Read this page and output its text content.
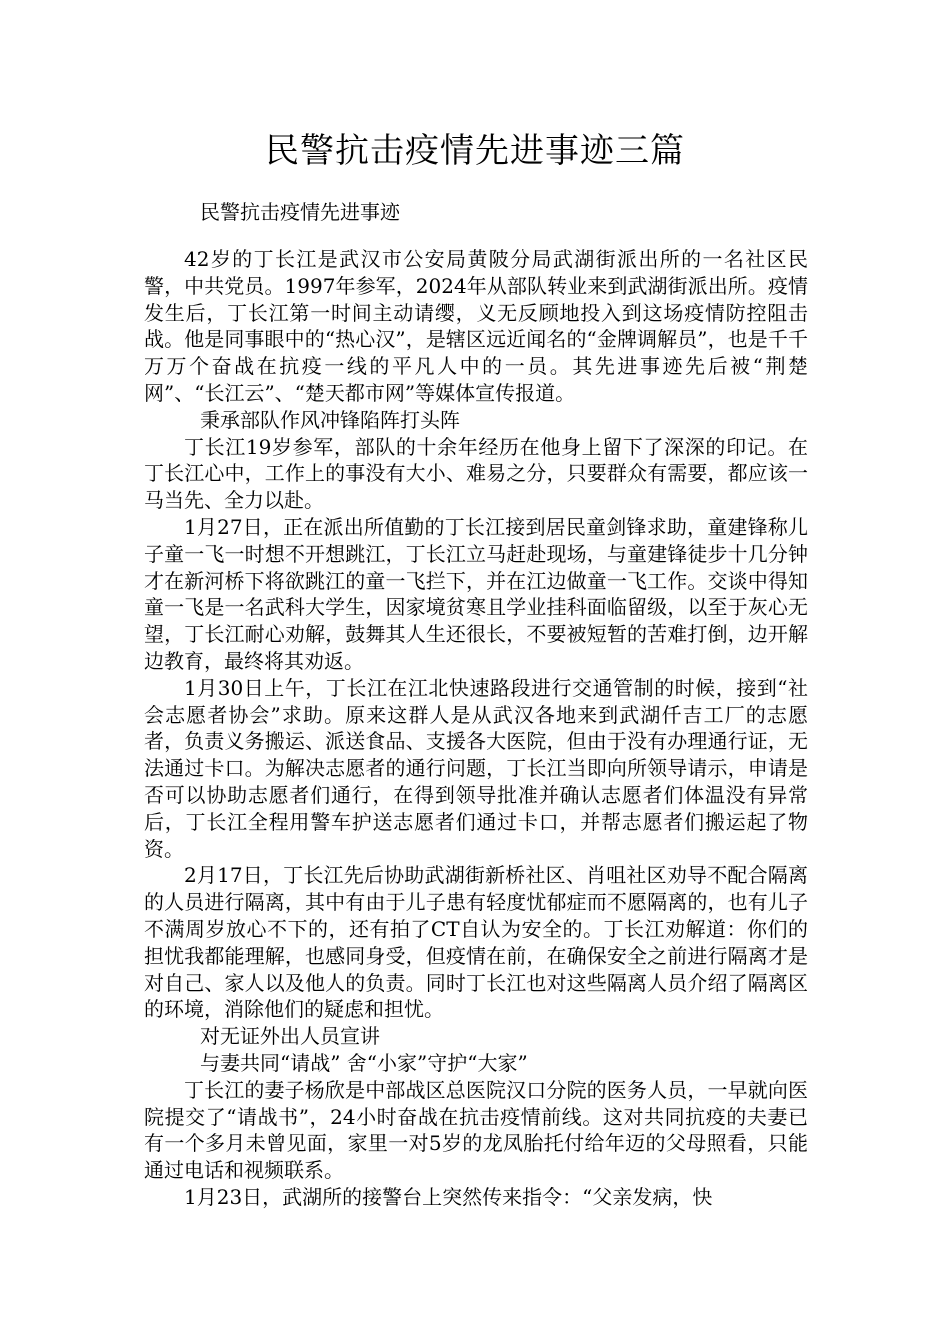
民警抗击疫情先进事迹三篇
民警抗击疫情先进事迹

42岁的丁长江是武汉市公安局黄陂分局武湖街派出所的一名社区民警，中共党员。1997年参军，2024年从部队转业来到武湖街派出所。疫情发生后，丁长江第一时间主动请缨，义无反顾地投入到这场疫情防控阻击战。他是同事眼中的“热心汉”，是辖区远近闻名的“金牌调解员”，也是千千万万个奋战在抗疫一线的平凡人中的一员。其先进事迹先后被“荆楚网”、“长江云”、“楚天都市网”等媒体宣传报道。

秉承部队作风冲锋陷阵打头阵

丁长江19岁参军，部队的十余年经历在他身上留下了深深的印记。在丁长江心中，工作上的事没有大小、难易之分，只要群众有需要，都应该一马当先、全力以赴。

1月27日，正在派出所值勤的丁长江接到居民童剑锋求助，童建锋称儿子童一飞一时想不开想跳江，丁长江立马赶赴现场，与童建锋徒步十几分钟才在新河桥下将欲跳江的童一飞拦下，并在江边做童一飞工作。交谈中得知童一飞是一名武科大学生，因家境贫寒且学业挂科面临留级，以至于灰心无望，丁长江耐心劝解，鼓舞其人生还很长，不要被短暂的苦难打倒，边开解边教育，最终将其劝返。

1月30日上午，丁长江在江北快速路段进行交通管制的时候，接到“社会志愿者协会”求助。原来这群人是从武汉各地来到武湖仟吉工厂的志愿者，负责义务搬运、派送食品、支援各大医院，但由于没有办理通行证，无法通过卡口。为解决志愿者的通行问题，丁长江当即向所领导请示，申请是否可以协助志愿者们通行，在得到领导批准并确认志愿者们体温没有异常后，丁长江全程用警车护送志愿者们通过卡口，并帮志愿者们搬运起了物资。

2月17日，丁长江先后协助武湖街新桥社区、肖咀社区劝导不配合隔离的人员进行隔离，其中有由于儿子患有轻度忧郁症而不愿隔离的，也有儿子不满周岁放心不下的，还有拍了CT自认为安全的。丁长江劝解道：你们的担忧我都能理解，也感同身受，但疫情在前，在确保安全之前进行隔离才是对自己、家人以及他人的负责。同时丁长江也对这些隔离人员介绍了隔离区的环境，消除他们的疑虑和担忧。

对无证外出人员宣讲

与妻共同“请战” 舍“小家”守护“大家”

丁长江的妻子杨欣是中部战区总医院汉口分院的医务人员，一早就向医院提交了“请战书”，24小时奋战在抗击疫情前线。这对共同抗疫的夫妻已有一个多月未曾见面，家里一对5岁的龙凤胎托付给年迈的父母照看，只能通过电话和视频联系。

1月23日，武湖所的接警台上突然传来指令：“父亲发病，快
